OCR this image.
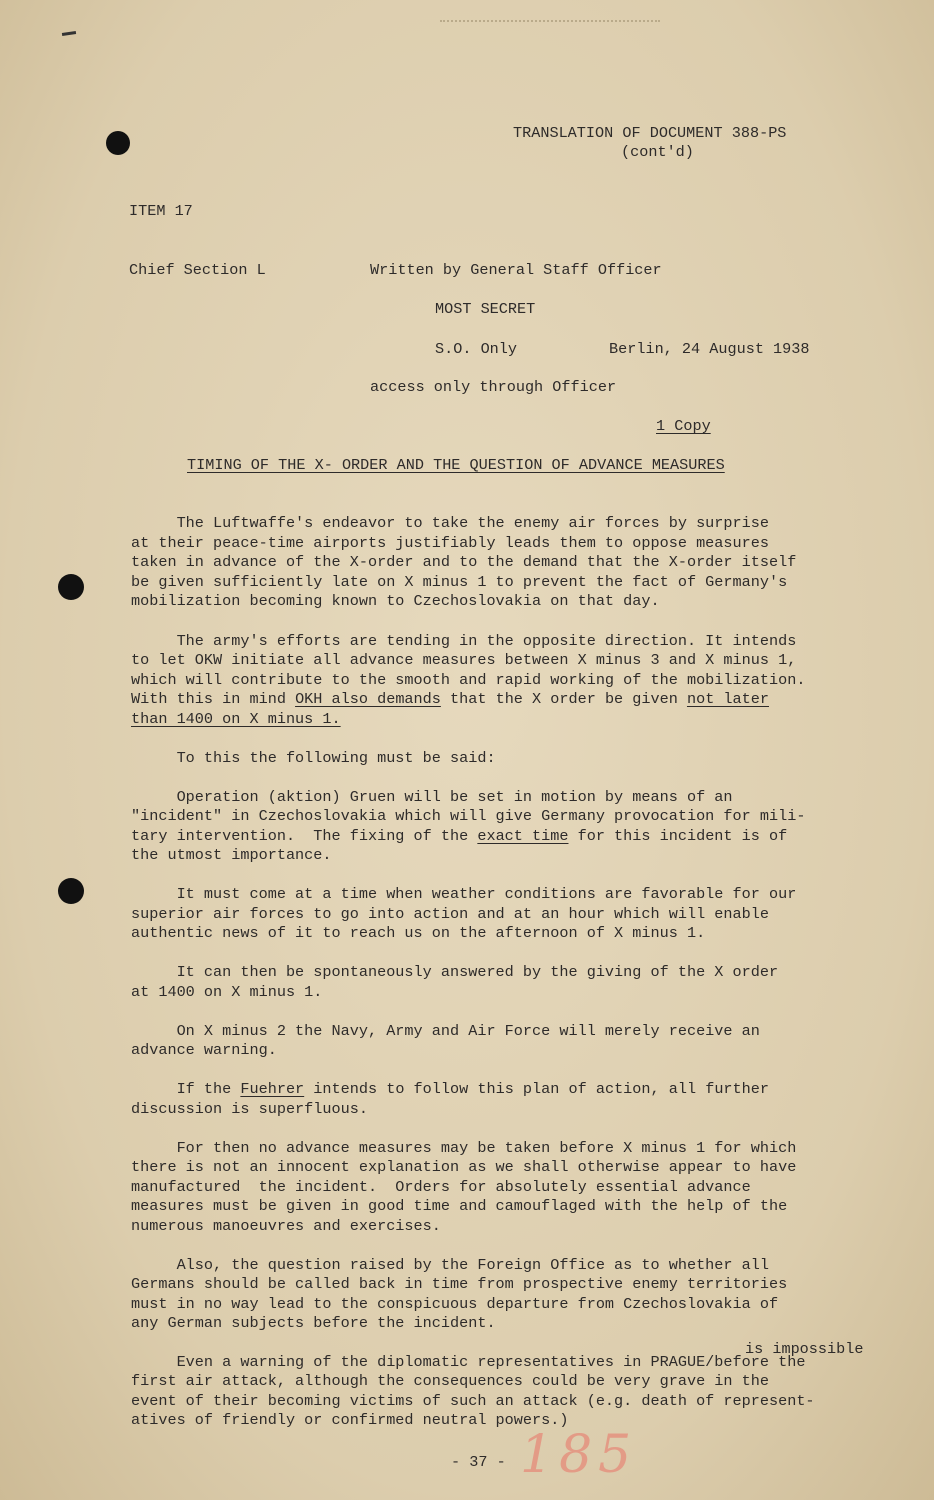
TRANSLATION OF DOCUMENT 388-PS
(cont'd)
ITEM 17
Chief Section L	Written by General Staff Officer
MOST SECRET
S.O. Only	Berlin, 24 August 1938
access only through Officer
1 Copy
TIMING OF THE X- ORDER AND THE QUESTION OF ADVANCE MEASURES
The Luftwaffe's endeavor to take the enemy air forces by surprise
at their peace-time airports justifiably leads them to oppose measures
taken in advance of the X-order and to the demand that the X-order itself
be given sufficiently late on X minus 1 to prevent the fact of Germany's
mobilization becoming known to Czechoslovakia on that day.
The army's efforts are tending in the opposite direction. It intends
to let OKW initiate all advance measures between X minus 3 and X minus 1,
which will contribute to the smooth and rapid working of the mobilization.
With this in mind OKH also demands that the X order be given not later
than 1400 on X minus 1.
To this the following must be said:
Operation (aktion) Gruen will be set in motion by means of an
"incident" in Czechoslovakia which will give Germany provocation for mili-
tary intervention.  The fixing of the exact time for this incident is of
the utmost importance.
It must come at a time when weather conditions are favorable for our
superior air forces to go into action and at an hour which will enable
authentic news of it to reach us on the afternoon of X minus 1.
It can then be spontaneously answered by the giving of the X order
at 1400 on X minus 1.
On X minus 2 the Navy, Army and Air Force will merely receive an
advance warning.
If the Fuehrer intends to follow this plan of action, all further
discussion is superfluous.
For then no advance measures may be taken before X minus 1 for which
there is not an innocent explanation as we shall otherwise appear to have
manufactured  the incident.  Orders for absolutely essential advance
measures must be given in good time and camouflaged with the help of the
numerous manoeuvres and exercises.
Also, the question raised by the Foreign Office as to whether all
Germans should be called back in time from prospective enemy territories
must in no way lead to the conspicuous departure from Czechoslovakia of
any German subjects before the incident.
is impossible
Even a warning of the diplomatic representatives in PRAGUE/before the
first air attack, although the consequences could be very grave in the
event of their becoming victims of such an attack (e.g. death of represent-
atives of friendly or confirmed neutral powers.)
- 37 - 185
